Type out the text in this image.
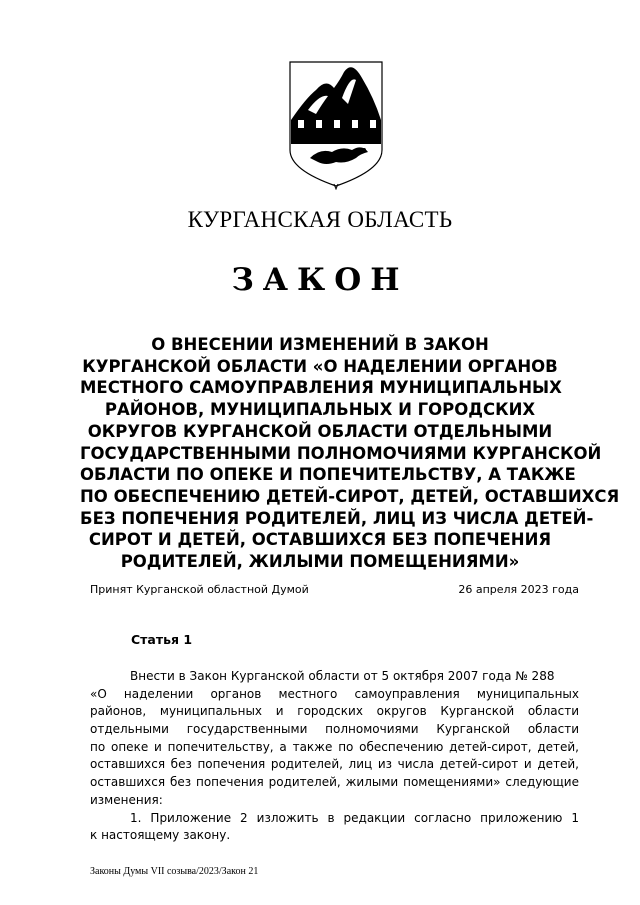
КУРГАНСКАЯ ОБЛАСТЬ
ЗАКОН
О ВНЕСЕНИИ ИЗМЕНЕНИЙ В ЗАКОН
КУРГАНСКОЙ ОБЛАСТИ «О НАДЕЛЕНИИ ОРГАНОВ
МЕСТНОГО САМОУПРАВЛЕНИЯ МУНИЦИПАЛЬНЫХ
РАЙОНОВ, МУНИЦИПАЛЬНЫХ И ГОРОДСКИХ
ОКРУГОВ КУРГАНСКОЙ ОБЛАСТИ ОТДЕЛЬНЫМИ
ГОСУДАРСТВЕННЫМИ ПОЛНОМОЧИЯМИ КУРГАНСКОЙ
ОБЛАСТИ ПО ОПЕКЕ И ПОПЕЧИТЕЛЬСТВУ, А ТАКЖЕ
ПО ОБЕСПЕЧЕНИЮ ДЕТЕЙ-СИРОТ, ДЕТЕЙ, ОСТАВШИХСЯ
БЕЗ ПОПЕЧЕНИЯ РОДИТЕЛЕЙ, ЛИЦ ИЗ ЧИСЛА ДЕТЕЙ-
СИРОТ И ДЕТЕЙ, ОСТАВШИХСЯ БЕЗ ПОПЕЧЕНИЯ
РОДИТЕЛЕЙ, ЖИЛЫМИ ПОМЕЩЕНИЯМИ»
Принят Курганской областной Думой	26 апреля 2023 года
Статья 1
Внести в Закон Курганской области от 5 октября 2007 года № 288
«О наделении органов местного самоуправления муниципальных
районов, муниципальных и городских округов Курганской области
отдельными государственными полномочиями Курганской области
по опеке и попечительству, а также по обеспечению детей-сирот, детей,
оставшихся без попечения родителей, лиц из числа детей-сирот и детей,
оставшихся без попечения родителей, жилыми помещениями» следующие
изменения:
1. Приложение 2 изложить в редакции согласно приложению 1
к настоящему закону.
Законы Думы VII созыва/2023/Закон 21
